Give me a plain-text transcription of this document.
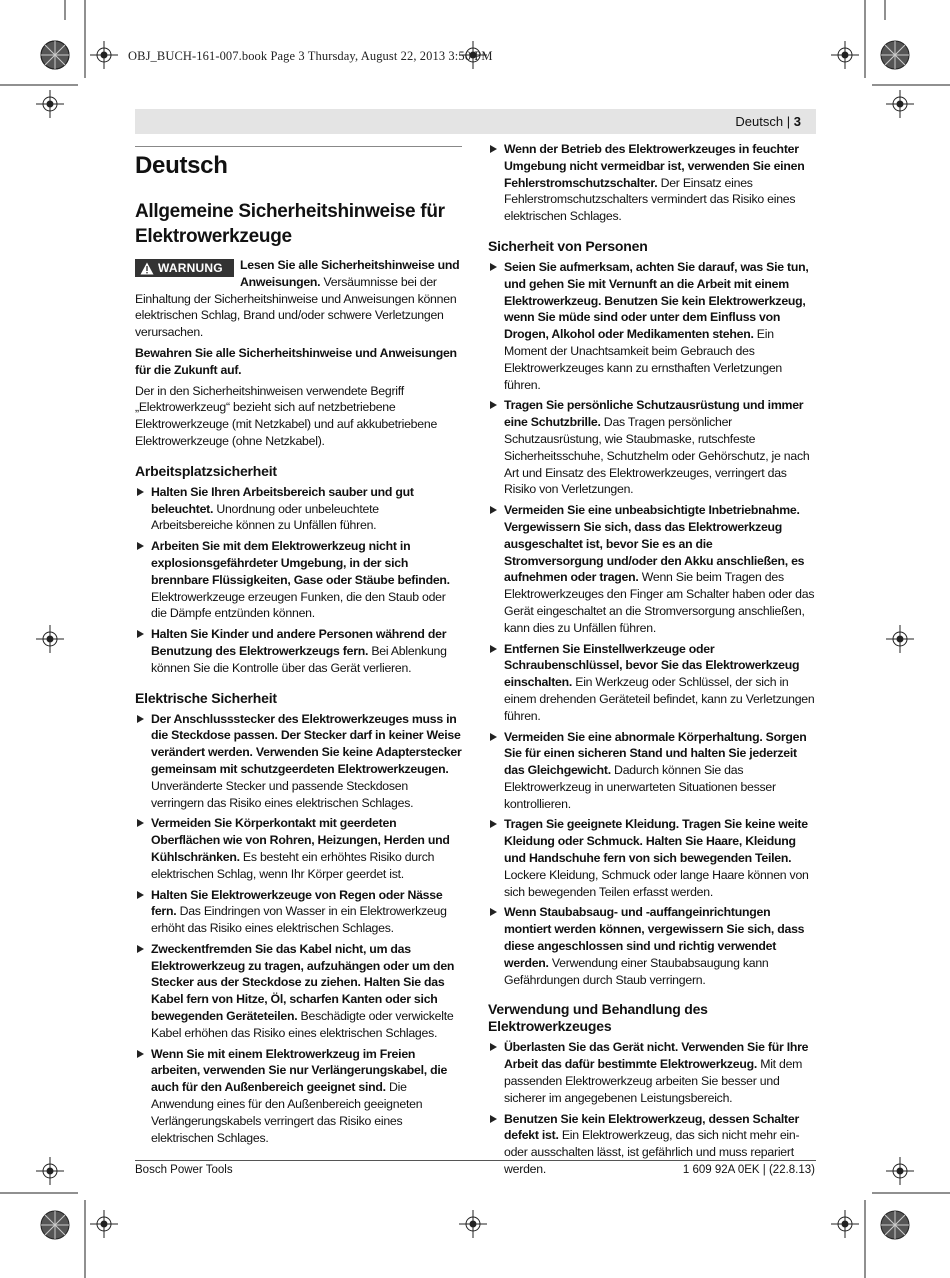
OBJ_BUCH-161-007.book Page 3 Thursday, August 22, 2013 3:50 PM
Deutsch | 3
Deutsch
Allgemeine Sicherheitshinweise für Elektrowerkzeuge
WARNUNG Lesen Sie alle Sicherheitshinweise und Anweisungen. Versäumnisse bei der Einhaltung der Sicherheitshinweise und Anweisungen können elektrischen Schlag, Brand und/oder schwere Verletzungen verursachen.

Bewahren Sie alle Sicherheitshinweise und Anweisungen für die Zukunft auf.

Der in den Sicherheitshinweisen verwendete Begriff „Elektrowerkzeug“ bezieht sich auf netzbetriebene Elektrowerkzeuge (mit Netzkabel) und auf akkubetriebene Elektrowerkzeuge (ohne Netzkabel).

Arbeitsplatzsicherheit
Halten Sie Ihren Arbeitsbereich sauber und gut beleuchtet. Unordnung oder unbeleuchtete Arbeitsbereiche können zu Unfällen führen.
Arbeiten Sie mit dem Elektrowerkzeug nicht in explosionsgefährdeter Umgebung, in der sich brennbare Flüssigkeiten, Gase oder Stäube befinden. Elektrowerkzeuge erzeugen Funken, die den Staub oder die Dämpfe entzünden können.
Halten Sie Kinder und andere Personen während der Benutzung des Elektrowerkzeugs fern. Bei Ablenkung können Sie die Kontrolle über das Gerät verlieren.
Elektrische Sicherheit
Der Anschlussstecker des Elektrowerkzeuges muss in die Steckdose passen. Der Stecker darf in keiner Weise verändert werden. Verwenden Sie keine Adapterstecker gemeinsam mit schutzgeerdeten Elektrowerkzeugen. Unveränderte Stecker und passende Steckdosen verringern das Risiko eines elektrischen Schlages.
Vermeiden Sie Körperkontakt mit geerdeten Oberflächen wie von Rohren, Heizungen, Herden und Kühlschränken. Es besteht ein erhöhtes Risiko durch elektrischen Schlag, wenn Ihr Körper geerdet ist.
Halten Sie Elektrowerkzeuge von Regen oder Nässe fern. Das Eindringen von Wasser in ein Elektrowerkzeug erhöht das Risiko eines elektrischen Schlages.
Zweckentfremden Sie das Kabel nicht, um das Elektrowerkzeug zu tragen, aufzuhängen oder um den Stecker aus der Steckdose zu ziehen. Halten Sie das Kabel fern von Hitze, Öl, scharfen Kanten oder sich bewegenden Geräteteilen. Beschädigte oder verwickelte Kabel erhöhen das Risiko eines elektrischen Schlages.
Wenn Sie mit einem Elektrowerkzeug im Freien arbeiten, verwenden Sie nur Verlängerungskabel, die auch für den Außenbereich geeignet sind. Die Anwendung eines für den Außenbereich geeigneten Verlängerungskabels verringert das Risiko eines elektrischen Schlages.
Wenn der Betrieb des Elektrowerkzeuges in feuchter Umgebung nicht vermeidbar ist, verwenden Sie einen Fehlerstromschutzschalter. Der Einsatz eines Fehlerstromschutzschalters vermindert das Risiko eines elektrischen Schlages.
Sicherheit von Personen
Seien Sie aufmerksam, achten Sie darauf, was Sie tun, und gehen Sie mit Vernunft an die Arbeit mit einem Elektrowerkzeug. Benutzen Sie kein Elektrowerkzeug, wenn Sie müde sind oder unter dem Einfluss von Drogen, Alkohol oder Medikamenten stehen. Ein Moment der Unachtsamkeit beim Gebrauch des Elektrowerkzeuges kann zu ernsthaften Verletzungen führen.
Tragen Sie persönliche Schutzausrüstung und immer eine Schutzbrille. Das Tragen persönlicher Schutzausrüstung, wie Staubmaske, rutschfeste Sicherheitsschuhe, Schutzhelm oder Gehörschutz, je nach Art und Einsatz des Elektrowerkzeuges, verringert das Risiko von Verletzungen.
Vermeiden Sie eine unbeabsichtigte Inbetriebnahme. Vergewissern Sie sich, dass das Elektrowerkzeug ausgeschaltet ist, bevor Sie es an die Stromversorgung und/oder den Akku anschließen, es aufnehmen oder tragen. Wenn Sie beim Tragen des Elektrowerkzeuges den Finger am Schalter haben oder das Gerät eingeschaltet an die Stromversorgung anschließen, kann dies zu Unfällen führen.
Entfernen Sie Einstellwerkzeuge oder Schraubenschlüssel, bevor Sie das Elektrowerkzeug einschalten. Ein Werkzeug oder Schlüssel, der sich in einem drehenden Geräteteil befindet, kann zu Verletzungen führen.
Vermeiden Sie eine abnormale Körperhaltung. Sorgen Sie für einen sicheren Stand und halten Sie jederzeit das Gleichgewicht. Dadurch können Sie das Elektrowerkzeug in unerwarteten Situationen besser kontrollieren.
Tragen Sie geeignete Kleidung. Tragen Sie keine weite Kleidung oder Schmuck. Halten Sie Haare, Kleidung und Handschuhe fern von sich bewegenden Teilen. Lockere Kleidung, Schmuck oder lange Haare können von sich bewegenden Teilen erfasst werden.
Wenn Staubabsaug- und -auffangeinrichtungen montiert werden können, vergewissern Sie sich, dass diese angeschlossen sind und richtig verwendet werden. Verwendung einer Staubabsaugung kann Gefährdungen durch Staub verringern.
Verwendung und Behandlung des Elektrowerkzeuges
Überlasten Sie das Gerät nicht. Verwenden Sie für Ihre Arbeit das dafür bestimmte Elektrowerkzeug. Mit dem passenden Elektrowerkzeug arbeiten Sie besser und sicherer im angegebenen Leistungsbereich.
Benutzen Sie kein Elektrowerkzeug, dessen Schalter defekt ist. Ein Elektrowerkzeug, das sich nicht mehr ein- oder ausschalten lässt, ist gefährlich und muss repariert werden.
Bosch Power Tools	1 609 92A 0EK | (22.8.13)
